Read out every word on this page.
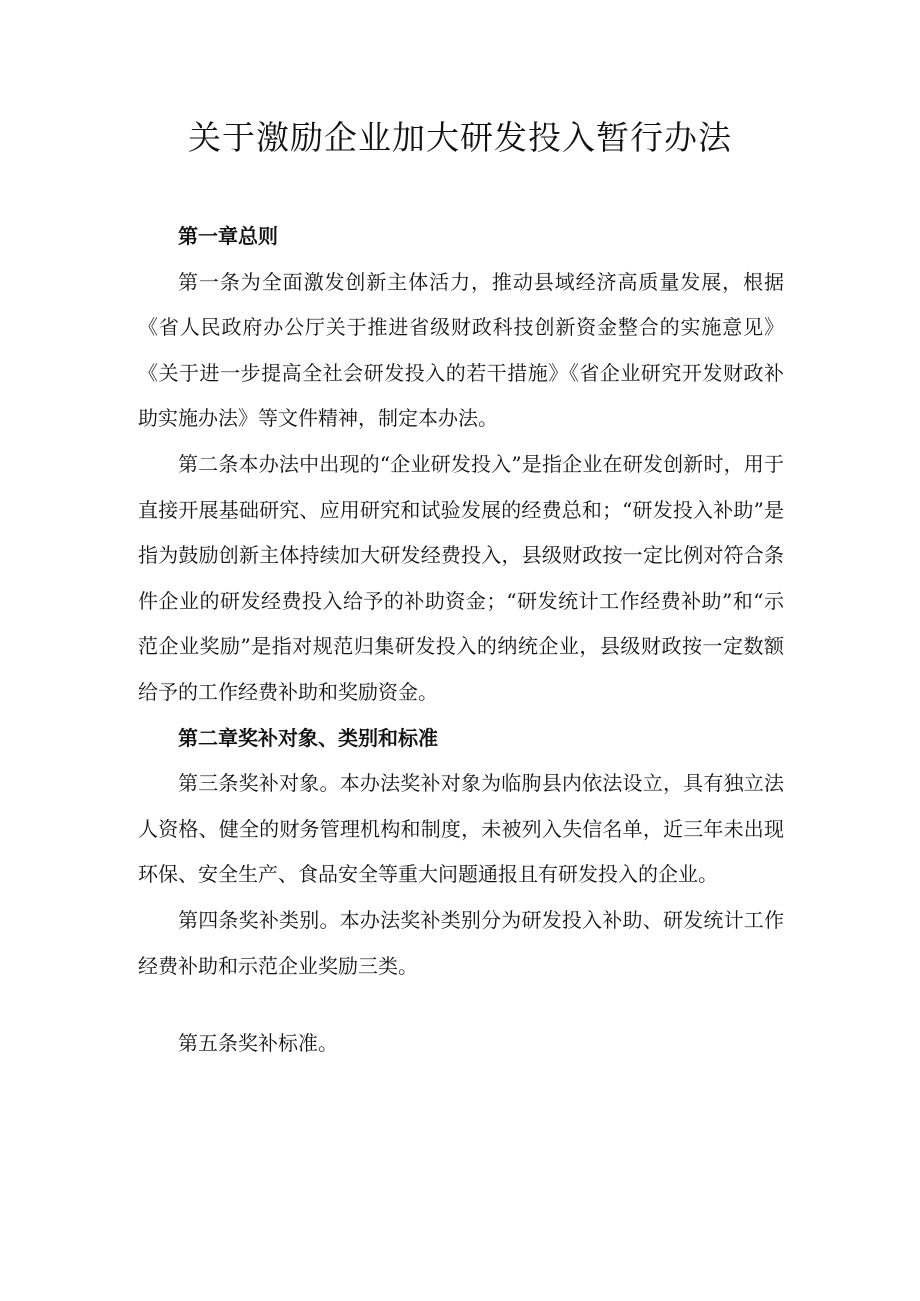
关于激励企业加大研发投入暂行办法
第一章总则

第一条为全面激发创新主体活力，推动县域经济高质量发展，根据《省人民政府办公厅关于推进省级财政科技创新资金整合的实施意见》《关于进一步提高全社会研发投入的若干措施》《省企业研究开发财政补助实施办法》等文件精神，制定本办法。

第二条本办法中出现的“企业研发投入”是指企业在研发创新时，用于直接开展基础研究、应用研究和试验发展的经费总和；“研发投入补助”是指为鼓励创新主体持续加大研发经费投入，县级财政按一定比例对符合条件企业的研发经费投入给予的补助资金；“研发统计工作经费补助”和“示范企业奖励”是指对规范归集研发投入的纳统企业，县级财政按一定数额给予的工作经费补助和奖励资金。

第二章奖补对象、类别和标准

第三条奖补对象。本办法奖补对象为临朐县内依法设立，具有独立法人资格、健全的财务管理机构和制度，未被列入失信名单，近三年未出现环保、安全生产、食品安全等重大问题通报且有研发投入的企业。

第四条奖补类别。本办法奖补类别分为研发投入补助、研发统计工作经费补助和示范企业奖励三类。

第五条奖补标准。
